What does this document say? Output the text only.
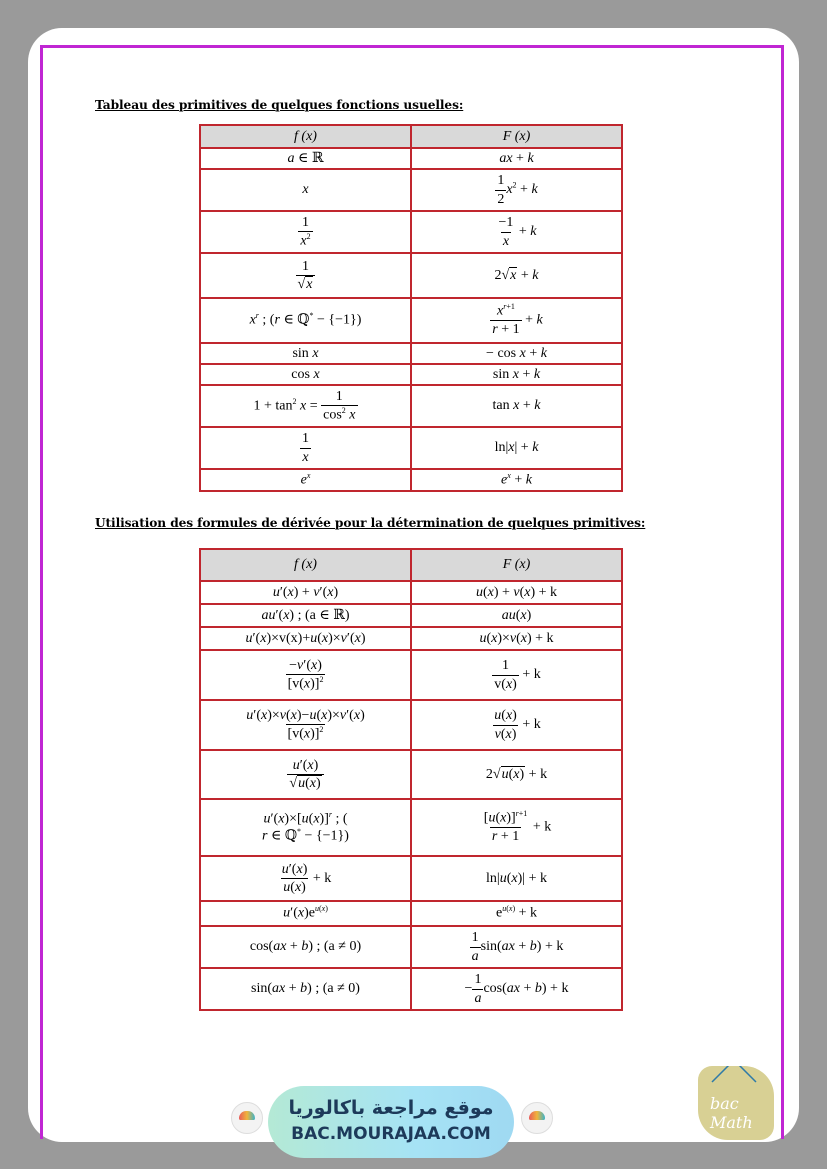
Tableau des primitives de quelques fonctions usuelles:
f (x)	F (x)
a ∈ ℝ	ax + k
x	$\frac{1}{2} x^2 + k$

$\frac{1}{x^2}$	$\frac{-1}{x} + k$

$\frac{1}{√x}$	2√x + k
$x^r$ ; (r ∈ ℚ* − {−1})	$\frac{x^{r+1}}{r + 1} + k$
sin x	− cos x + k
cos x	sin x + k
$1 + \tan^2 x = \frac{1}{\cos^2 x}$	tan x + k

$\frac{1}{x}$	ln|x| + k
$e^x$	$e^x + k$
Utilisation des formules de dérivée pour la détermination de quelques primitives:
f (x)	F (x)
u′(x) + v′(x)	u(x) + v(x) + k
au′(x) ; (a ∈ ℝ)	au(x)
u′(x)×v(x)+u(x)×v′(x)	u(x)×v(x) + k

$\frac{-v'(x)}{[v(x)]^2}$	$\frac{1}{v(x)} + k$

$\frac{u'(x)\times v(x)-u(x)\times v'(x)}{[v(x)]^2}$	$\frac{u(x)}{v(x)} + k$

$\frac{u'(x)}{√u(x)}$	2√u(x) + k
$u'(x)\times[u(x)]^r$ ; (
r ∈ ℚ* − {−1})	$\frac{[u(x)]^{r+1}}{r + 1} + k$

$\frac{u'(x)}{u(x)} + k$	ln|u(x)| + k
$u'(x)e^{u(x)}$	$e^{u(x)} + k$
cos(ax + b) ; (a ≠ 0)	$\frac{1}{a} \sin(ax + b) + k$
sin(ax + b) ; (a ≠ 0)	− $\frac{1}{a} \cos(ax + b) + k$
موقع مراجعة باكالوريا
BAC.MOURAJAA.COM
bac Math
